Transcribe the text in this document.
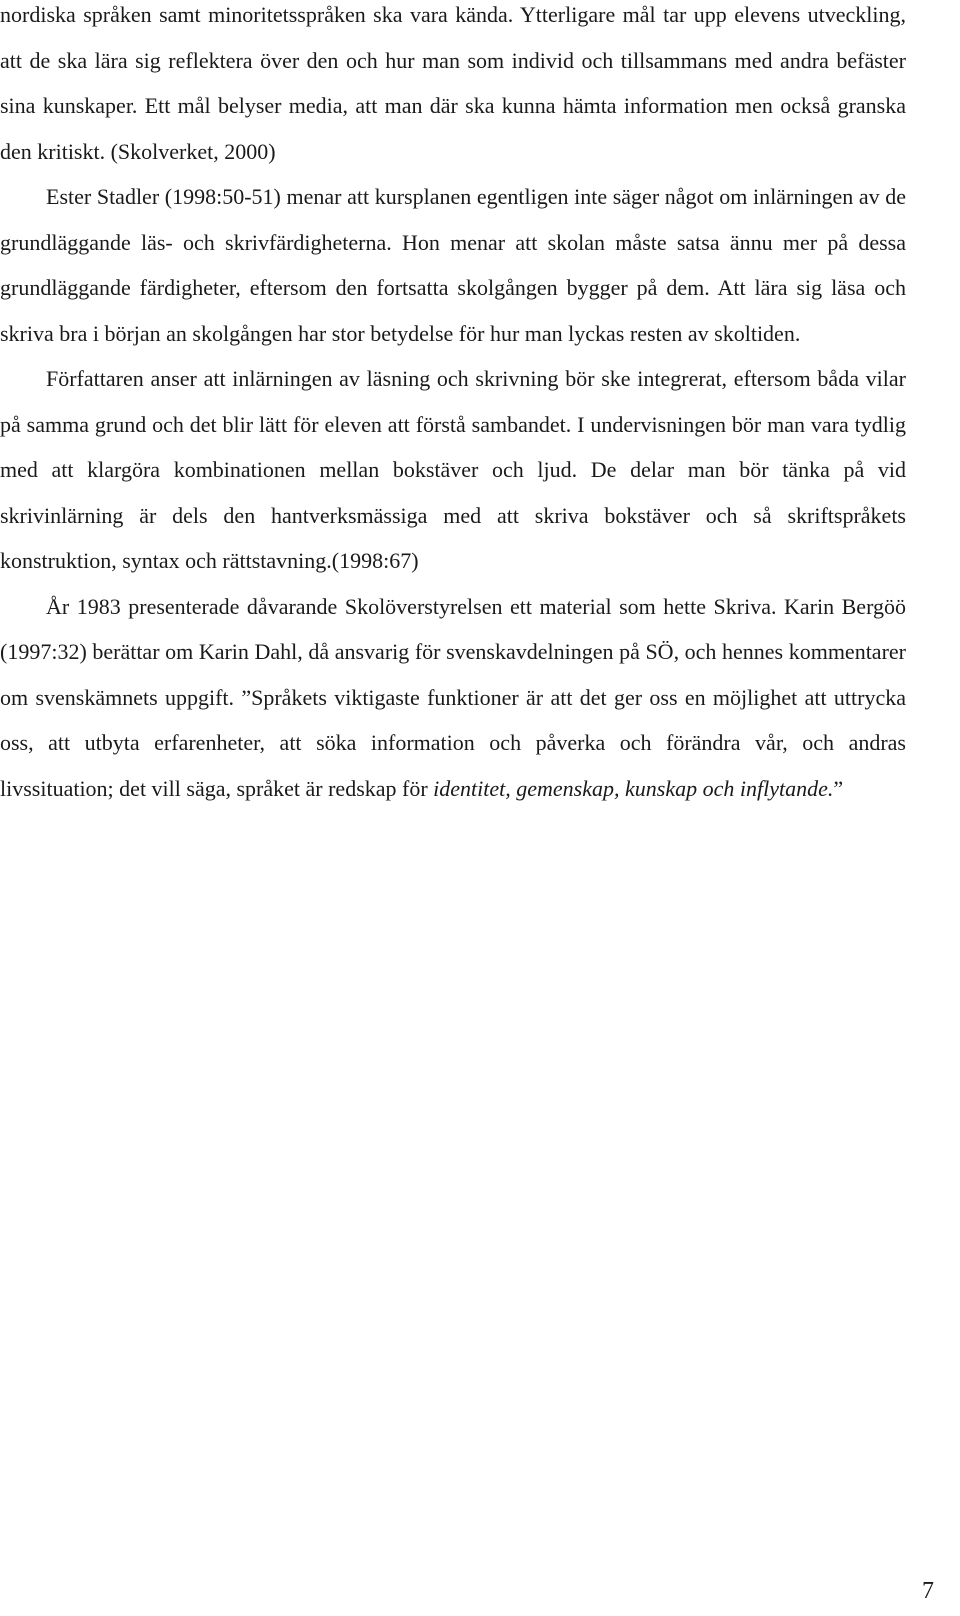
nordiska språken samt minoritetsspråken ska vara kända. Ytterligare mål tar upp elevens utveckling, att de ska lära sig reflektera över den och hur man som individ och tillsammans med andra befäster sina kunskaper. Ett mål belyser media, att man där ska kunna hämta information men också granska den kritiskt. (Skolverket, 2000)

Ester Stadler (1998:50-51) menar att kursplanen egentligen inte säger något om inlärningen av de grundläggande läs- och skrivfärdigheterna. Hon menar att skolan måste satsa ännu mer på dessa grundläggande färdigheter, eftersom den fortsatta skolgången bygger på dem. Att lära sig läsa och skriva bra i början an skolgången har stor betydelse för hur man lyckas resten av skoltiden.

Författaren anser att inlärningen av läsning och skrivning bör ske integrerat, eftersom båda vilar på samma grund och det blir lätt för eleven att förstå sambandet. I undervisningen bör man vara tydlig med att klargöra kombinationen mellan bokstäver och ljud. De delar man bör tänka på vid skrivinlärning är dels den hantverksmässiga med att skriva bokstäver och så skriftspråkets konstruktion, syntax och rättstavning.(1998:67)

År 1983 presenterade dåvarande Skolöverstyrelsen ett material som hette Skriva. Karin Bergöö (1997:32) berättar om Karin Dahl, då ansvarig för svenskavdelningen på SÖ, och hennes kommentarer om svenskämnets uppgift. ”Språkets viktigaste funktioner är att det ger oss en möjlighet att uttrycka oss, att utbyta erfarenheter, att söka information och påverka och förändra vår, och andras livssituation; det vill säga, språket är redskap för identitet, gemenskap, kunskap och inflytande.”

7
